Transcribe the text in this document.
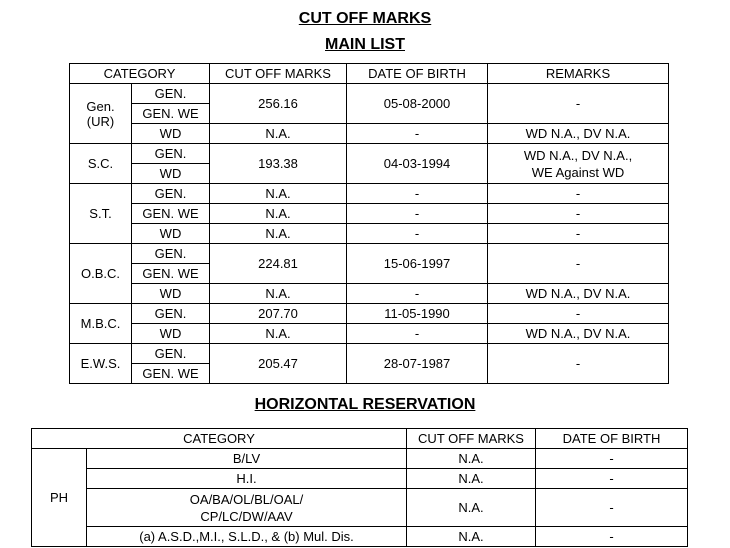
CUT OFF MARKS
MAIN LIST
CATEGORY		CUT OFF MARKS	DATE OF BIRTH	REMARKS

Gen.
(UR)	GEN.	256.16	05-08-2000	-
	GEN. WE			
	WD	N.A.	-	WD N.A., DV N.A.
S.C.	GEN.	193.38	04-03-1994	WD N.A., DV N.A.,
WE Against WD

	WD			
S.T.	GEN.	N.A.	-	-
	GEN. WE	N.A.	-	-
	WD	N.A.	-	-
O.B.C.	GEN.	224.81	15-06-1997	-
	GEN. WE			
	WD	N.A.	-	WD N.A., DV N.A.
M.B.C.	GEN.	207.70	11-05-1990	-
	WD	N.A.	-	WD N.A., DV N.A.
E.W.S.	GEN.	205.47	28-07-1987	-
	GEN. WE			
HORIZONTAL RESERVATION
CATEGORY		CUT OFF MARKS	DATE OF BIRTH
PH	B/LV	N.A.	-
	H.I.	N.A.	-

	OA/BA/OL/BL/OAL/
CP/LC/DW/AAV	N.A.	-
	(a) A.S.D.,M.I., S.L.D., & (b) Mul. Dis.	N.A.	-
